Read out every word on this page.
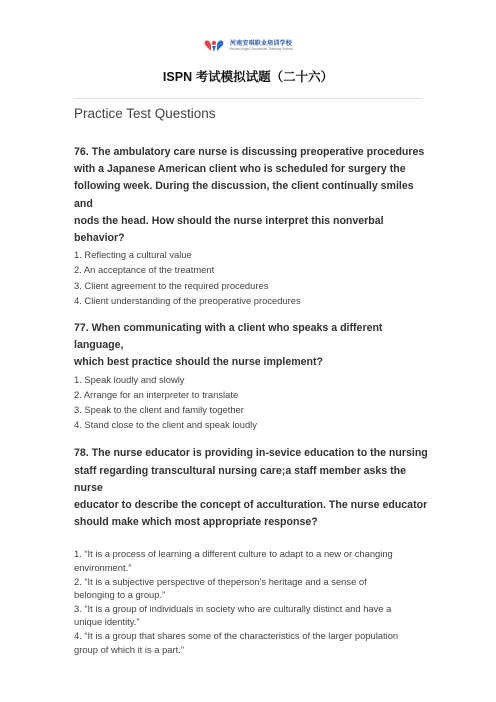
河南安琪职业培训学校
Henan Angel Vocational Training School
ISPN 考试模拟试题（二十六）
Practice Test Questions
76. The ambulatory care nurse is discussing preoperative procedures
with a Japanese American client who is scheduled for surgery the
following week. During the discussion, the client continually smiles and
nods the head. How should the nurse interpret this nonverbal behavior?
1. Reflecting a cultural value
2. An acceptance of the treatment
3. Client agreement to the required procedures
4. Client understanding of the preoperative procedures
77. When communicating with a client who speaks a different language,
which best practice should the nurse implement?
1. Speak loudly and slowly
2. Arrange for an interpreter to translate
3. Speak to the client and family together
4. Stand close to the client and speak loudly
78. The nurse educator is providing in-sevice education to the nursing
staff regarding transcultural nursing care;a staff member asks the nurse
educator to describe the concept of acculturation. The nurse educator
should make which most appropriate response?
1. “It is a process of learning a different culture to adapt to a new or changing
environment.”
2. “It is a subjective perspective of theperson’s heritage and a sense of
belonging to a group.”
3. “It is a group of individuals in society who are culturally distinct and have a
unique identity.”
4. “It is a group that shares some of the characteristics of the larger population
group of which it is a part.”
